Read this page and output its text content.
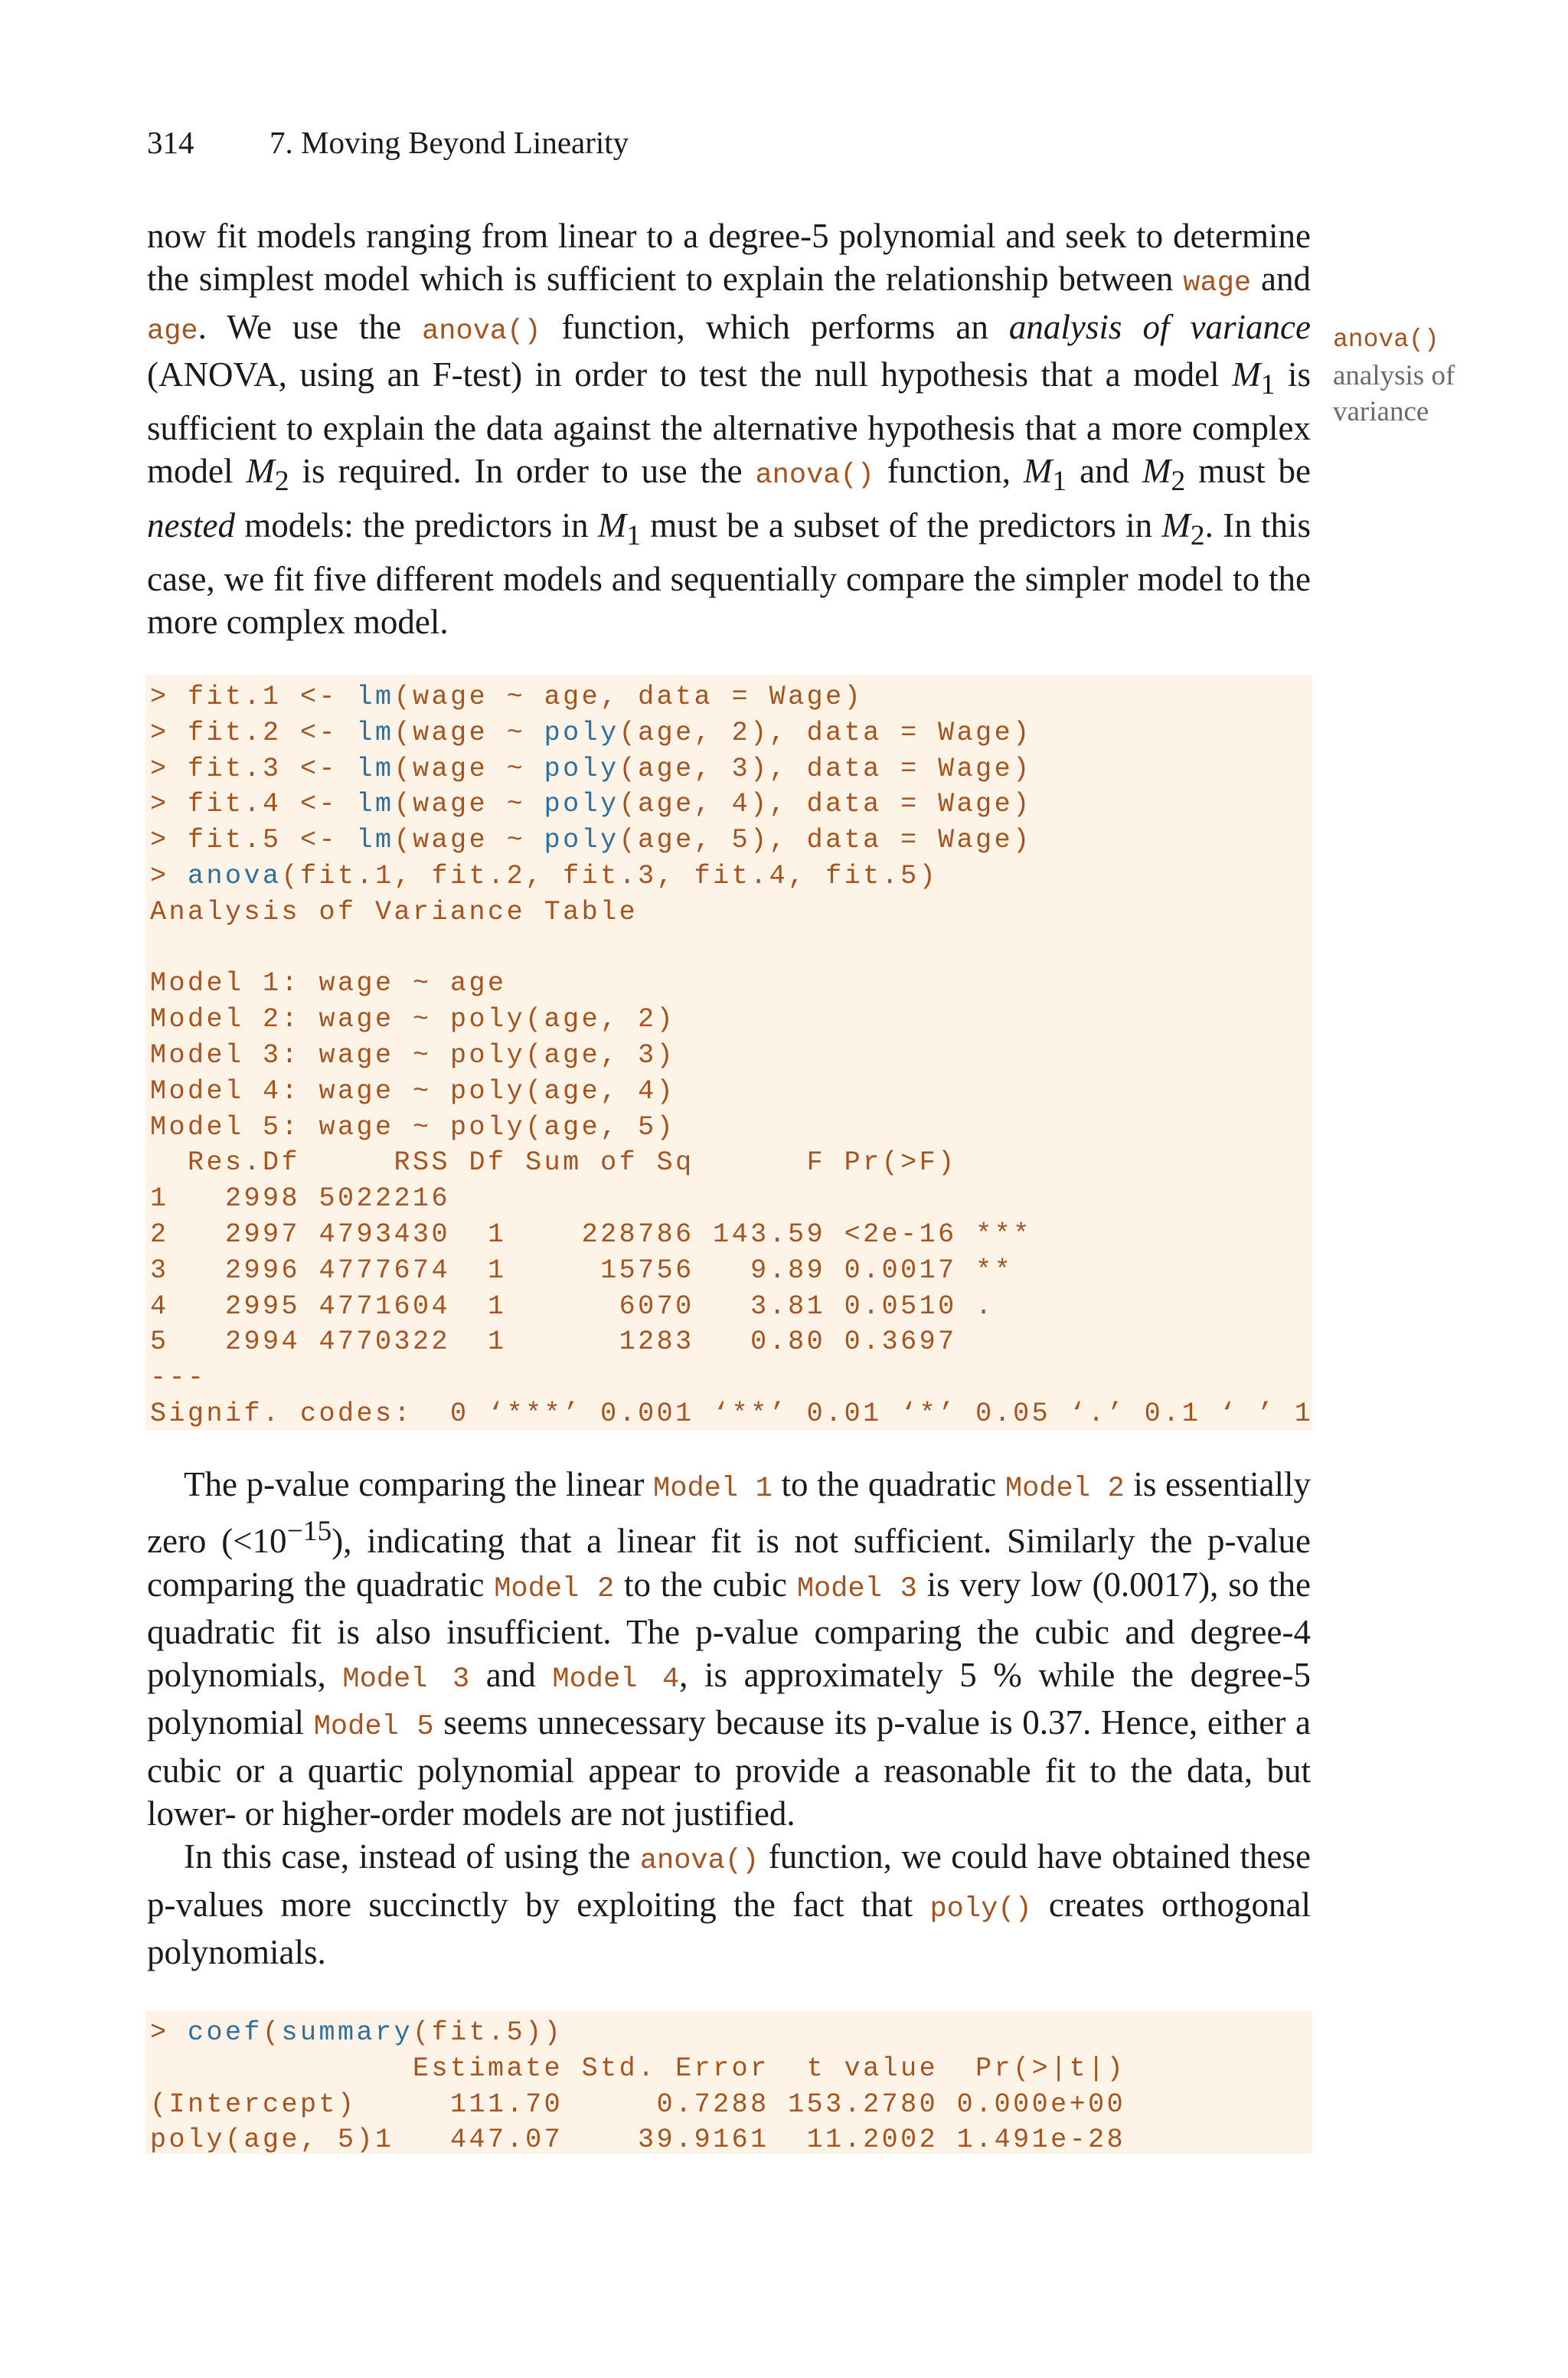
314 7. Moving Beyond Linearity

now fit models ranging from linear to a degree-5 polynomial and seek to determine the simplest model which is sufficient to explain the relationship between wage and age. We use the anova() function, which performs an analysis of variance (ANOVA, using an F-test) in order to test the null hypothesis that a model $M_1$ is sufficient to explain the data against the alternative hypothesis that a more complex model $M_2$ is required. In order to use the anova() function, $M_1$ and $M_2$ must be nested models: the predictors in $M_1$ must be a subset of the predictors in $M_2$. In this case, we fit five different models and sequentially compare the simpler model to the more complex model.

anova()
analysis of
variance
> fit.1 <- lm(wage ~ age, data = Wage)
> fit.2 <- lm(wage ~ poly(age, 2), data = Wage)
> fit.3 <- lm(wage ~ poly(age, 3), data = Wage)
> fit.4 <- lm(wage ~ poly(age, 4), data = Wage)
> fit.5 <- lm(wage ~ poly(age, 5), data = Wage)
> anova(fit.1, fit.2, fit.3, fit.4, fit.5)
Analysis of Variance Table
Model 1: wage ~ age
Model 2: wage ~ poly(age, 2)
Model 3: wage ~ poly(age, 3)
Model 4: wage ~ poly(age, 4)
Model 5: wage ~ poly(age, 5)
Res.Df     RSS Df Sum of Sq      F Pr(>F)
1   2998 5022216
2   2997 4793430  1    228786 143.59 <2e-16 ***
3   2996 4777674  1     15756   9.89 0.0017 **
4   2995 4771604  1      6070   3.81 0.0510 .
5   2994 4770322  1      1283   0.80 0.3697
---
Signif. codes:  0 ‘***’ 0.001 ‘**’ 0.01 ‘*’ 0.05 ‘.’ 0.1 ‘ ’ 1

The p-value comparing the linear Model 1 to the quadratic Model 2 is essentially zero $(<10^{-15})$, indicating that a linear fit is not sufficient. Similarly the p-value comparing the quadratic Model 2 to the cubic Model 3 is very low (0.0017), so the quadratic fit is also insufficient. The p-value comparing the cubic and degree-4 polynomials, Model 3 and Model 4, is approximately 5 % while the degree-5 polynomial Model 5 seems unnecessary because its p-value is 0.37. Hence, either a cubic or a quartic polynomial appear to provide a reasonable fit to the data, but lower- or higher-order models are not justified.

In this case, instead of using the anova() function, we could have obtained these p-values more succinctly by exploiting the fact that poly() creates orthogonal polynomials.

> coef(summary(fit.5))
Estimate Std. Error  t value  Pr(>|t|)
(Intercept)     111.70     0.7288 153.2780 0.000e+00
poly(age, 5)1   447.07    39.9161  11.2002 1.491e-28
